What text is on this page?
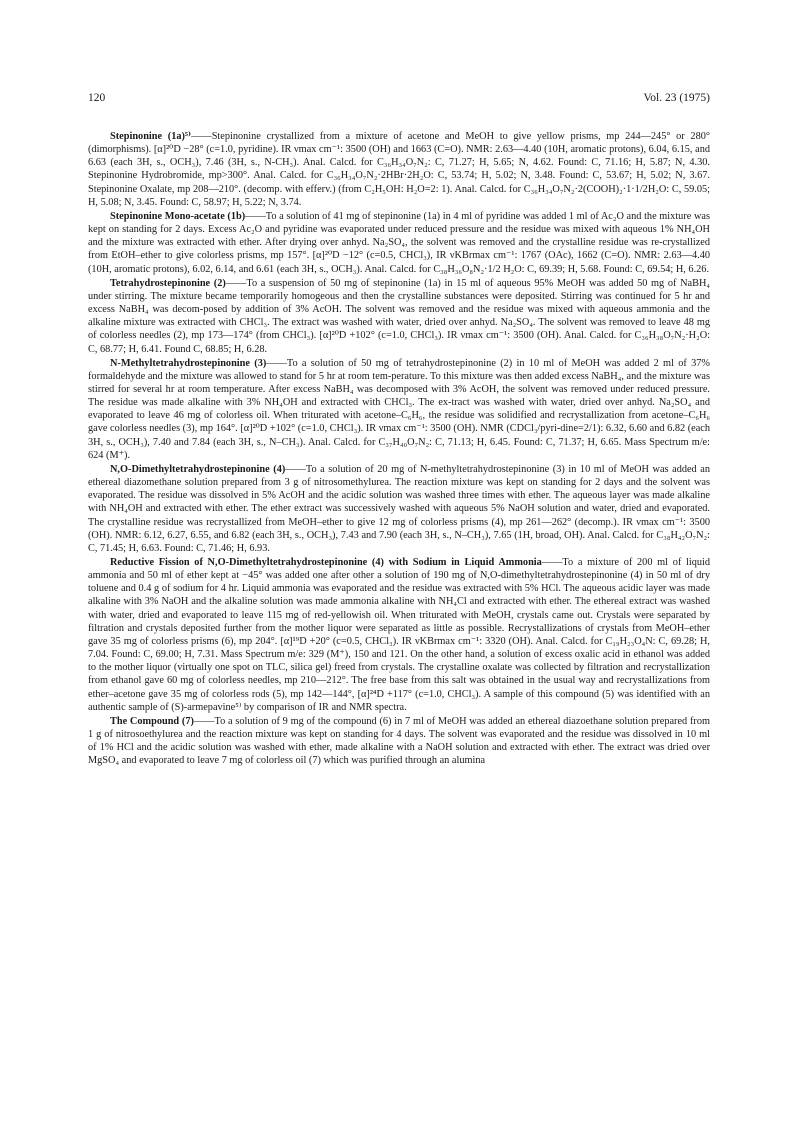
120	Vol. 23 (1975)

Stepinonine (1a)⁵⁾——Stepinonine crystallized from a mixture of acetone and MeOH to give yellow prisms, mp 244—245° or 280° (dimorphisms). [α]²⁰D −28° (c=1.0, pyridine). IR νmax cm⁻¹: 3500 (OH) and 1663 (C=O). NMR: 2.63—4.40 (10H, aromatic protons), 6.04, 6.15, and 6.63 (each 3H, s., OCH₃), 7.46 (3H, s., N-CH₃). Anal. Calcd. for C₃₆H₃₄O₇N₂: C, 71.27; H, 5.65; N, 4.62. Found: C, 71.16; H, 5.87; N, 4.30. Stepinonine Hydrobromide, mp>300°. Anal. Calcd. for C₃₆H₃₄O₇N₂·2HBr·2H₂O: C, 53.74; H, 5.02; N, 3.48. Found: C, 53.67; H, 5.02; N, 3.67. Stepinonine Oxalate, mp 208—210°. (decomp. with efferv.) (from C₂H₅OH: H₂O=2: 1). Anal. Calcd. for C₃₆H₃₄O₇N₂·2(COOH)₂·1·1/2H₂O: C, 59.05; H, 5.08; N, 3.45. Found: C, 58.97; H, 5.22; N, 3.74.

Stepinonine Mono-acetate (1b)——To a solution of 41 mg of stepinonine (1a) in 4 ml of pyridine was added 1 ml of Ac₂O and the mixture was kept on standing for 2 days. Excess Ac₂O and pyridine was evaporated under reduced pressure and the residue was mixed with aqueous 1% NH₄OH and the mixture was extracted with ether. After drying over anhyd. Na₂SO₄, the solvent was removed and the crystalline residue was re-crystallized from EtOH–ether to give colorless prisms, mp 157°. [α]²⁰D −12° (c=0.5, CHCl₃), IR νKBrmax cm⁻¹: 1767 (OAc), 1662 (C=O). NMR: 2.63—4.40 (10H, aromatic protons), 6.02, 6.14, and 6.61 (each 3H, s., OCH₃). Anal. Calcd. for C₃₈H₃₆O₈N₂·1/2 H₂O: C, 69.39; H, 5.68. Found: C, 69.54; H, 6.26.

Tetrahydrostepinonine (2)——To a suspension of 50 mg of stepinonine (1a) in 15 ml of aqueous 95% MeOH was added 50 mg of NaBH₄ under stirring. The mixture became temporarily homogeous and then the crystalline substances were deposited. Stirring was continued for 5 hr and excess NaBH₄ was decom-posed by addition of 3% AcOH. The solvent was removed and the residue was mixed with aqueous ammonia and the alkaline mixture was extracted with CHCl₃. The extract was washed with water, dried over anhyd. Na₂SO₄. The solvent was removed to leave 48 mg of colorless needles (2), mp 173—174° (from CHCl₃). [α]²⁰D +102° (c=1.0, CHCl₃). IR νmax cm⁻¹: 3500 (OH). Anal. Calcd. for C₃₆H₃₈O₇N₂·H₂O: C, 68.77; H, 6.41. Found C, 68.85; H, 6.28.

N-Methyltetrahydrostepinonine (3)——To a solution of 50 mg of tetrahydrostepinonine (2) in 10 ml of MeOH was added 2 ml of 37% formaldehyde and the mixture was allowed to stand for 5 hr at room tem-perature. To this mixture was then added excess NaBH₄, and the mixture was stirred for several hr at room temperature. After excess NaBH₄ was decomposed with 3% AcOH, the solvent was removed under reduced pressure. The residue was made alkaline with 3% NH₄OH and extracted with CHCl₃. The ex-tract was washed with water, dried over anhyd. Na₂SO₄ and evaporated to leave 46 mg of colorless oil. When triturated with acetone–C₆H₆, the residue was solidified and recrystallization from acetone–C₆H₆ gave colorless needles (3), mp 164°. [α]²⁰D +102° (c=1.0, CHCl₃). IR νmax cm⁻¹: 3500 (OH). NMR (CDCl₃/pyri-dine=2/1): 6.32, 6.60 and 6.82 (each 3H, s., OCH₃), 7.40 and 7.84 (each 3H, s., N–CH₃). Anal. Calcd. for C₃₇H₄₀O₇N₂: C, 71.13; H, 6.45. Found: C, 71.37; H, 6.65. Mass Spectrum m/e: 624 (M⁺).

N,O-Dimethyltetrahydrostepinonine (4)——To a solution of 20 mg of N-methyltetrahydrostepinonine (3) in 10 ml of MeOH was added an ethereal diazomethane solution prepared from 3 g of nitrosomethylurea. The reaction mixture was kept on standing for 2 days and the solvent was evaporated. The residue was dissolved in 5% AcOH and the acidic solution was washed three times with ether. The aqueous layer was made alkaline with NH₄OH and extracted with ether. The ether extract was successively washed with aqueous 5% NaOH solution and water, dried and evaporated. The crystalline residue was recrystallized from MeOH–ether to give 12 mg of colorless prisms (4), mp 261—262° (decomp.). IR νmax cm⁻¹: 3500 (OH). NMR: 6.12, 6.27, 6.55, and 6.82 (each 3H, s., OCH₃), 7.43 and 7.90 (each 3H, s., N–CH₃), 7.65 (1H, broad, OH). Anal. Calcd. for C₃₈H₄₂O₇N₂: C, 71.45; H, 6.63. Found: C, 71.46; H, 6.93.

Reductive Fission of N,O-Dimethyltetrahydrostepinonine (4) with Sodium in Liquid Ammonia——To a mixture of 200 ml of liquid ammonia and 50 ml of ether kept at −45° was added one after other a solution of 190 mg of N,O-dimethyltetrahydrostepinonine (4) in 50 ml of dry toluene and 0.4 g of sodium for 4 hr. Liquid ammonia was evaporated and the residue was extracted with 5% HCl. The aqueous acidic layer was made alkaline with 3% NaOH and the alkaline solution was made ammonia alkaline with NH₄Cl and extracted with ether. The ethereal extract was washed with water, dried and evaporated to leave 115 mg of red-yellowish oil. When triturated with MeOH, crystals came out. Crystals were separated by filtration and crystals deposited further from the mother liquor were separated as little as possible. Recrystallizations of crystals from MeOH–ether gave 35 mg of colorless prisms (6), mp 204°. [α]¹⁹D +20° (c=0.5, CHCl₃). IR νKBrmax cm⁻¹: 3320 (OH). Anal. Calcd. for C₁₉H₂₃O₄N: C, 69.28; H, 7.04. Found: C, 69.00; H, 7.31. Mass Spectrum m/e: 329 (M⁺), 150 and 121. On the other hand, a solution of excess oxalic acid in ethanol was added to the mother liquor (virtually one spot on TLC, silica gel) freed from crystals. The crystalline oxalate was collected by filtration and recrystallization from ethanol gave 60 mg of colorless needles, mp 210—212°. The free base from this salt was obtained in the usual way and recrystallizations from ether–acetone gave 35 mg of colorless rods (5), mp 142—144°, [α]²⁴D +117° (c=1.0, CHCl₃). A sample of this compound (5) was identified with an authentic sample of (S)-armepavine⁵⁾ by comparison of IR and NMR spectra.

The Compound (7)——To a solution of 9 mg of the compound (6) in 7 ml of MeOH was added an ethereal diazoethane solution prepared from 1 g of nitrosoethylurea and the reaction mixture was kept on standing for 4 days. The solvent was evaporated and the residue was dissolved in 10 ml of 1% HCl and the acidic solution was washed with ether, made alkaline with a NaOH solution and extracted with ether. The extract was dried over MgSO₄ and evaporated to leave 7 mg of colorless oil (7) which was purified through an alumina
